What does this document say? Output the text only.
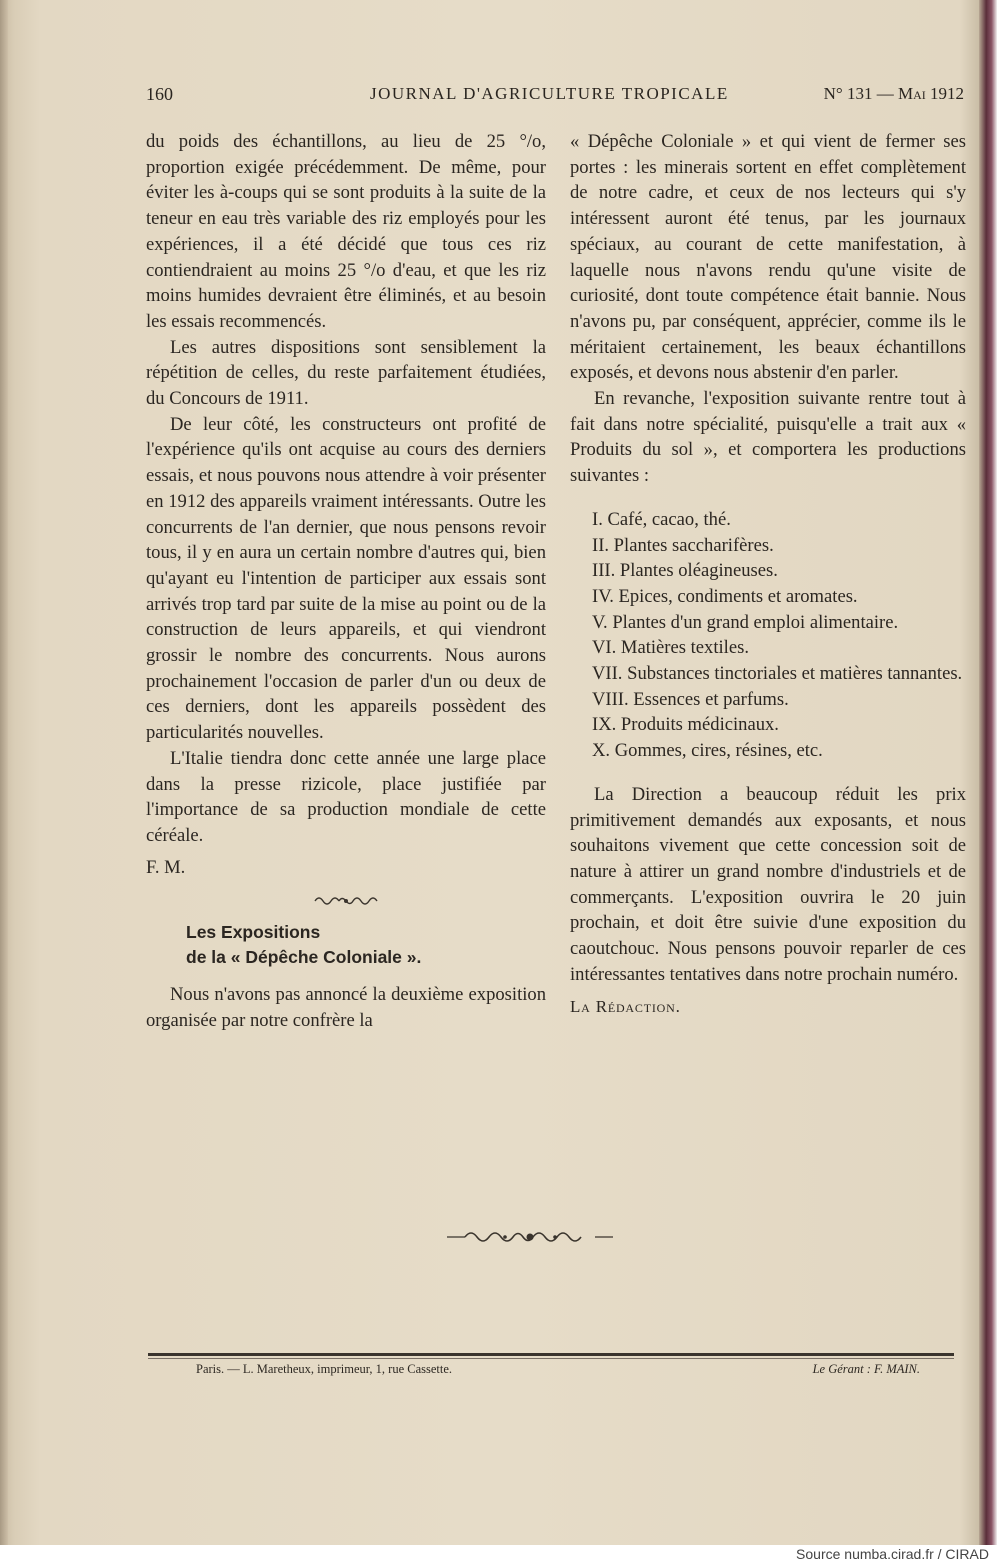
160	JOURNAL D'AGRICULTURE TROPICALE	N° 131 — Mai 1912

du poids des échantillons, au lieu de 25 °/o, proportion exigée précédemment. De même, pour éviter les à-coups qui se sont produits à la suite de la teneur en eau très variable des riz employés pour les expériences, il a été décidé que tous ces riz contiendraient au moins 25 °/o d'eau, et que les riz moins humides devraient être éliminés, et au besoin les essais recommencés.

Les autres dispositions sont sensiblement la répétition de celles, du reste parfaitement étudiées, du Concours de 1911.

De leur côté, les constructeurs ont profité de l'expérience qu'ils ont acquise au cours des derniers essais, et nous pouvons nous attendre à voir présenter en 1912 des appareils vraiment intéressants. Outre les concurrents de l'an dernier, que nous pensons revoir tous, il y en aura un certain nombre d'autres qui, bien qu'ayant eu l'intention de participer aux essais sont arrivés trop tard par suite de la mise au point ou de la construction de leurs appareils, et qui viendront grossir le nombre des concurrents. Nous aurons prochainement l'occasion de parler d'un ou deux de ces derniers, dont les appareils possèdent des particularités nouvelles.

L'Italie tiendra donc cette année une large place dans la presse rizicole, place justifiée par l'importance de sa production mondiale de cette céréale.

F. M.

Les Expositions

de la « Dépêche Coloniale ».

Nous n'avons pas annoncé la deuxième exposition organisée par notre confrère la

« Dépêche Coloniale » et qui vient de fermer ses portes : les minerais sortent en effet complètement de notre cadre, et ceux de nos lecteurs qui s'y intéressent auront été tenus, par les journaux spéciaux, au courant de cette manifestation, à laquelle nous n'avons rendu qu'une visite de curiosité, dont toute compétence était bannie. Nous n'avons pu, par conséquent, apprécier, comme ils le méritaient certainement, les beaux échantillons exposés, et devons nous abstenir d'en parler.

En revanche, l'exposition suivante rentre tout à fait dans notre spécialité, puisqu'elle a trait aux « Produits du sol », et comportera les productions suivantes :

I. Café, cacao, thé.
II. Plantes saccharifères.
III. Plantes oléagineuses.
IV. Epices, condiments et aromates.
V. Plantes d'un grand emploi alimentaire.
VI. Matières textiles.
VII. Substances tinctoriales et matières tannantes.
VIII. Essences et parfums.
IX. Produits médicinaux.
X. Gommes, cires, résines, etc.

La Direction a beaucoup réduit les prix primitivement demandés aux exposants, et nous souhaitons vivement que cette concession soit de nature à attirer un grand nombre d'industriels et de commerçants. L'exposition ouvrira le 20 juin prochain, et doit être suivie d'une exposition du caoutchouc. Nous pensons pouvoir reparler de ces intéressantes tentatives dans notre prochain numéro.

La Rédaction.

Paris. — L. Maretheux, imprimeur, 1, rue Cassette.	Le Gérant : F. MAIN.
Source numba.cirad.fr / CIRAD
